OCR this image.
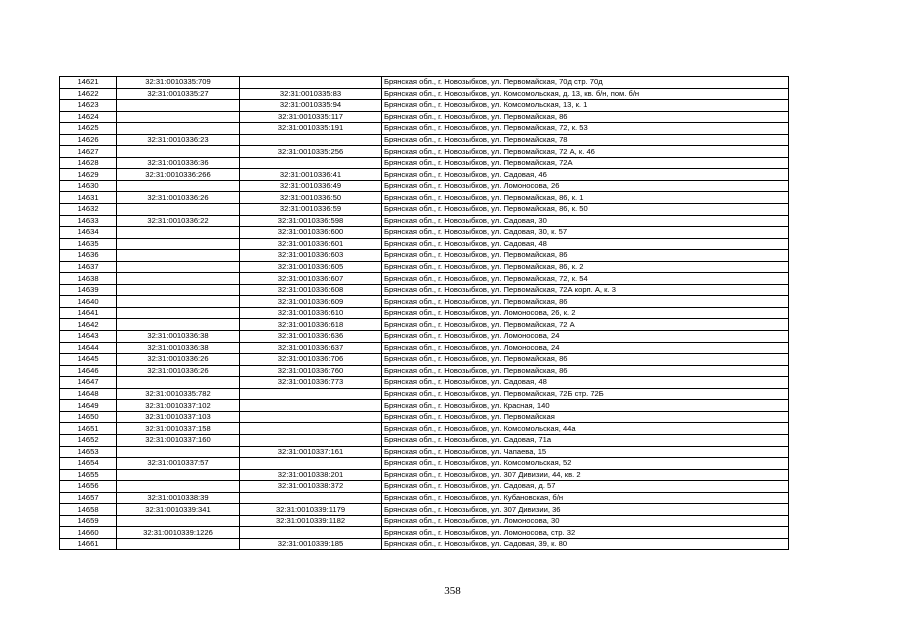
14621	32:31:0010335:709		Брянская обл., г. Новозыбков, ул. Первомайская, 70д стр. 70д
14622	32:31:0010335:27	32:31:0010335:83	Брянская обл., г. Новозыбков, ул. Комсомольская, д. 13, кв. б/н, пом. б/н
14623		32:31:0010335:94	Брянская обл., г. Новозыбков, ул. Комсомольская, 13, к. 1
14624		32:31:0010335:117	Брянская обл., г. Новозыбков, ул. Первомайская, 86
14625		32:31:0010335:191	Брянская обл., г. Новозыбков, ул. Первомайская, 72, к. 53
14626	32:31:0010336:23		Брянская обл., г. Новозыбков, ул. Первомайская, 78
14627		32:31:0010335:256	Брянская обл., г. Новозыбков, ул. Первомайская, 72 А, к. 46
14628	32:31:0010336:36		Брянская обл., г. Новозыбков, ул. Первомайская, 72А
14629	32:31:0010336:266	32:31:0010336:41	Брянская обл., г. Новозыбков, ул. Садовая, 46
14630		32:31:0010336:49	Брянская обл., г. Новозыбков, ул. Ломоносова, 26
14631	32:31:0010336:26	32:31:0010336:50	Брянская обл., г. Новозыбков, ул. Первомайская, 86, к. 1
14632		32:31:0010336:59	Брянская обл., г. Новозыбков, ул. Первомайская, 86, к. 50
14633	32:31:0010336:22	32:31:0010336:598	Брянская обл., г. Новозыбков, ул. Садовая, 30
14634		32:31:0010336:600	Брянская обл., г. Новозыбков, ул. Садовая, 30, к. 57
14635		32:31:0010336:601	Брянская обл., г. Новозыбков, ул. Садовая, 48
14636		32:31:0010336:603	Брянская обл., г. Новозыбков, ул. Первомайская, 86
14637		32:31:0010336:605	Брянская обл., г. Новозыбков, ул. Первомайская, 86, к. 2
14638		32:31:0010336:607	Брянская обл., г. Новозыбков, ул. Первомайская, 72, к. 54
14639		32:31:0010336:608	Брянская обл., г. Новозыбков, ул. Первомайская, 72А корп. А, к. 3
14640		32:31:0010336:609	Брянская обл., г. Новозыбков, ул. Первомайская, 86
14641		32:31:0010336:610	Брянская обл., г. Новозыбков, ул. Ломоносова, 26, к. 2
14642		32:31:0010336:618	Брянская обл., г. Новозыбков, ул. Первомайская, 72 А
14643	32:31:0010336:38	32:31:0010336:636	Брянская обл., г. Новозыбков, ул. Ломоносова, 24
14644	32:31:0010336:38	32:31:0010336:637	Брянская обл., г. Новозыбков, ул. Ломоносова, 24
14645	32:31:0010336:26	32:31:0010336:706	Брянская обл., г. Новозыбков, ул. Первомайская, 86
14646	32:31:0010336:26	32:31:0010336:760	Брянская обл., г. Новозыбков, ул. Первомайская, 86
14647		32:31:0010336:773	Брянская обл., г. Новозыбков, ул. Садовая, 48
14648	32:31:0010335:782		Брянская обл., г. Новозыбков, ул. Первомайская, 72Б стр. 72Б
14649	32:31:0010337:102		Брянская обл., г. Новозыбков, ул. Красная, 140
14650	32:31:0010337:103		Брянская обл., г. Новозыбков, ул. Первомайская
14651	32:31:0010337:158		Брянская обл., г. Новозыбков, ул. Комсомольская, 44а
14652	32:31:0010337:160		Брянская обл., г. Новозыбков, ул. Садовая, 71а
14653		32:31:0010337:161	Брянская обл., г. Новозыбков, ул. Чапаева, 15
14654	32:31:0010337:57		Брянская обл., г. Новозыбков, ул. Комсомольская, 52
14655		32:31:0010338:201	Брянская обл., г. Новозыбков, ул. 307 Дивизии, 44, кв. 2
14656		32:31:0010338:372	Брянская обл., г. Новозыбков, ул. Садовая, д. 57
14657	32:31:0010338:39		Брянская обл., г. Новозыбков, ул. Кубановская, б/н
14658	32:31:0010339:341	32:31:0010339:1179	Брянская обл., г. Новозыбков, ул. 307 Дивизии, 36
14659		32:31:0010339:1182	Брянская обл., г. Новозыбков, ул. Ломоносова, 30
14660	32:31:0010339:1226		Брянская обл., г. Новозыбков, ул. Ломоносова, стр. 32
14661		32:31:0010339:185	Брянская обл., г. Новозыбков, ул. Садовая, 39, к. 80
358
